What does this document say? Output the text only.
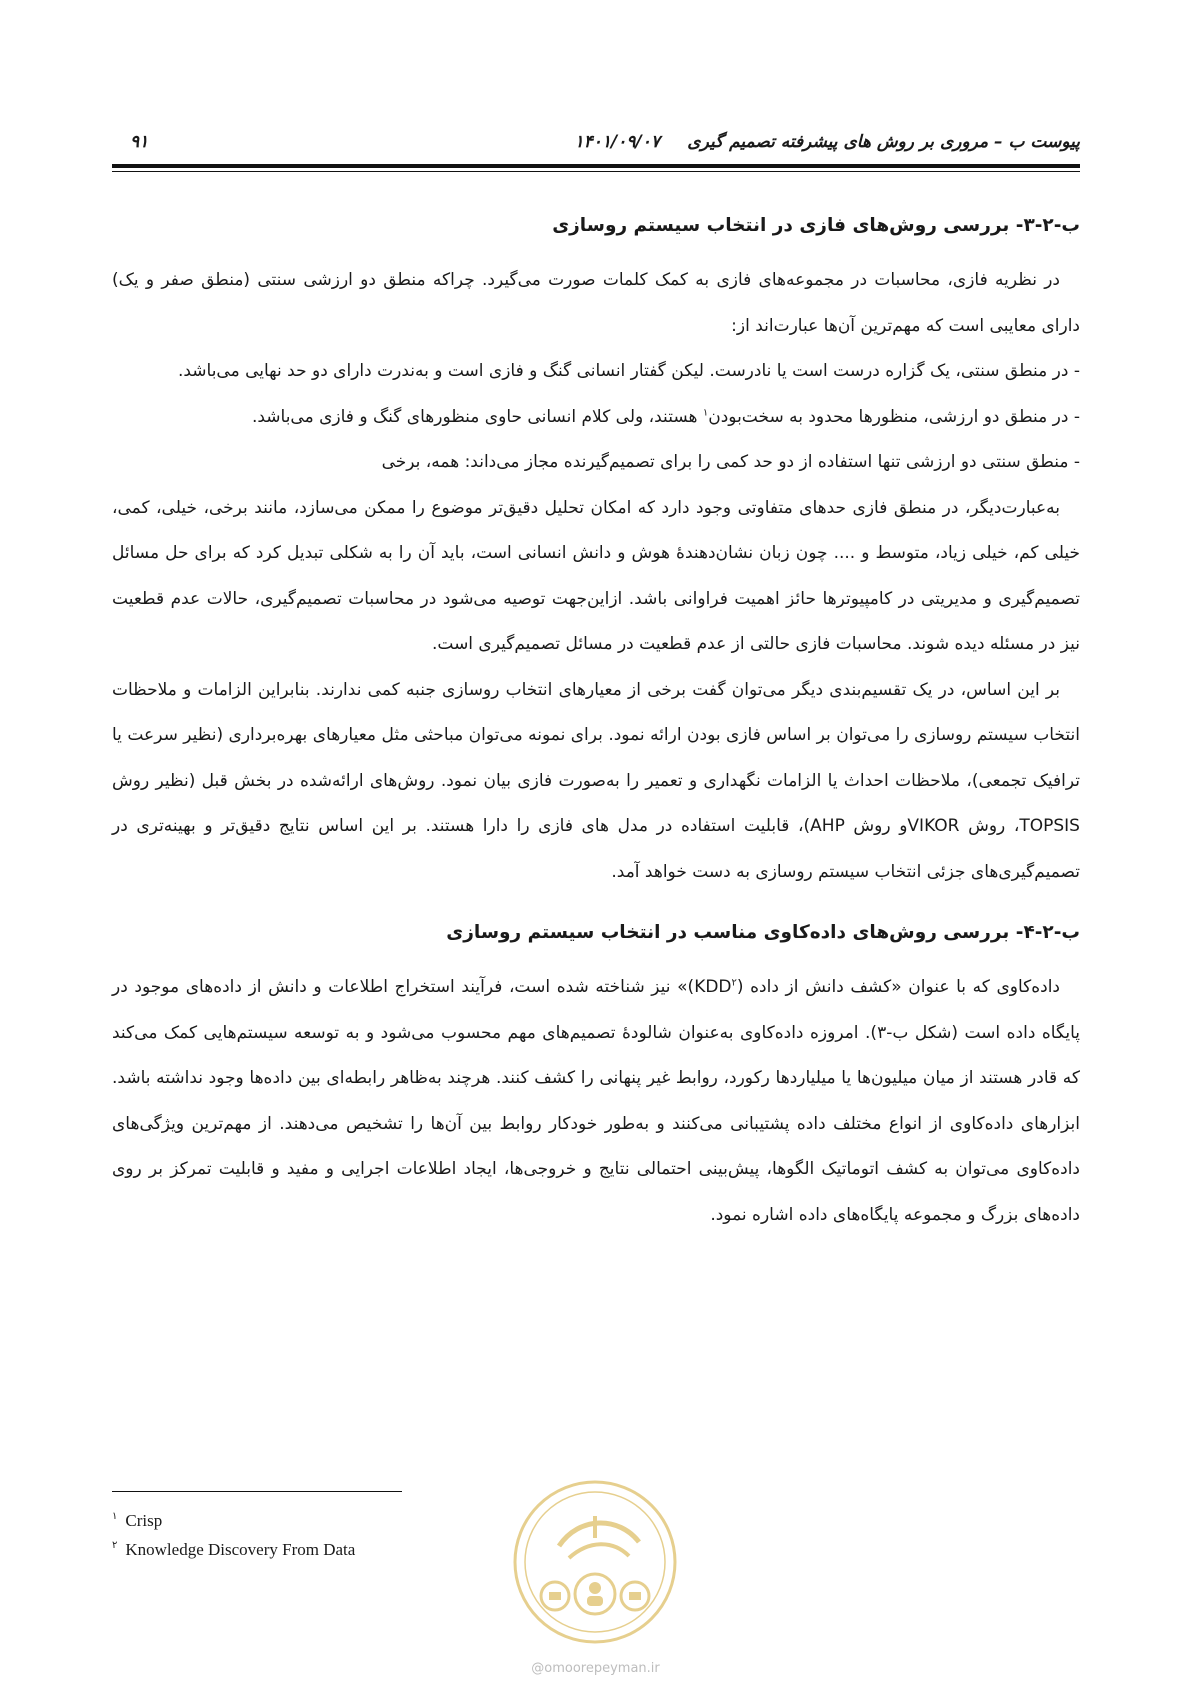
پیوست ب – مروری بر روش های پیشرفته تصمیم گیری
۱۴۰۱/۰۹/۰۷
۹۱
ب-۲-۳- بررسی روش‌های فازی در انتخاب سیستم روسازی

در نظریه فازی، محاسبات در مجموعه‌های فازی به کمک کلمات صورت می‌گیرد. چراکه منطق دو ارزشی سنتی (منطق صفر و یک) دارای معایبی است که مهم‌ترین آن‌ها عبارت‌اند از:

- در منطق سنتی، یک گزاره درست است یا نادرست. لیکن گفتار انسانی گنگ و فازی است و به‌ندرت دارای دو حد نهایی می‌باشد.

- در منطق دو ارزشی، منظورها محدود به سخت‌بودن$^۱$ هستند، ولی کلام انسانی حاوی منظورهای گنگ و فازی می‌باشد.

- منطق سنتی دو ارزشی تنها استفاده از دو حد کمی را برای تصمیم‌گیرنده مجاز می‌داند: همه، برخی

به‌عبارت‌دیگر، در منطق فازی حدهای متفاوتی وجود دارد که امکان تحلیل دقیق‌تر موضوع را ممکن می‌سازد، مانند برخی، خیلی، کمی، خیلی کم، خیلی زیاد، متوسط و .... چون زبان نشان‌دهندهٔ هوش و دانش انسانی است، باید آن را به شکلی تبدیل کرد که برای حل مسائل تصمیم‌گیری و مدیریتی در کامپیوترها حائز اهمیت فراوانی باشد. ازاین‌جهت توصیه می‌شود در محاسبات تصمیم‌گیری، حالات عدم قطعیت نیز در مسئله دیده شوند. محاسبات فازی حالتی از عدم قطعیت در مسائل تصمیم‌گیری است.

بر این اساس، در یک تقسیم‌بندی دیگر می‌توان گفت برخی از معیارهای انتخاب روسازی جنبه کمی ندارند. بنابراین الزامات و ملاحظات انتخاب سیستم روسازی را می‌توان بر اساس فازی بودن ارائه نمود. برای نمونه می‌توان مباحثی مثل معیارهای بهره‌برداری (نظیر سرعت یا ترافیک تجمعی)، ملاحظات احداث یا الزامات نگهداری و تعمیر را به‌صورت فازی بیان نمود. روش‌های ارائه‌شده در بخش قبل (نظیر روش TOPSIS، روش VIKORو روش AHP)، قابلیت استفاده در مدل های فازی را دارا هستند. بر این اساس نتایج دقیق‌تر و بهینه‌تری در تصمیم‌گیری‌های جزئی انتخاب سیستم روسازی به دست خواهد آمد.

ب-۲-۴- بررسی روش‌های داده‌کاوی مناسب در انتخاب سیستم روسازی

داده‌کاوی که با عنوان «کشف دانش از داده (KDD$^۲$)» نیز شناخته شده است، فرآیند استخراج اطلاعات و دانش از داده‌های موجود در پایگاه داده است (شکل ب-۳). امروزه داده‌کاوی به‌عنوان شالودهٔ تصمیم‌های مهم محسوب می‌شود و به توسعه سیستم‌هایی کمک می‌کند که قادر هستند از میان میلیون‌ها یا میلیاردها رکورد، روابط غیر پنهانی را کشف کنند. هرچند به‌ظاهر رابطه‌ای بین داده‌ها وجود نداشته باشد. ابزارهای داده‌کاوی از انواع مختلف داده پشتیبانی می‌کنند و به‌طور خودکار روابط بین آن‌ها را تشخیص می‌دهند. از مهم‌ترین ویژگی‌های داده‌کاوی می‌توان به کشف اتوماتیک الگوها، پیش‌بینی احتمالی نتایج و خروجی‌ها، ایجاد اطلاعات اجرایی و مفید و قابلیت تمرکز بر روی داده‌های بزرگ و مجموعه پایگاه‌های داده اشاره نمود.

$^۱$ Crisp
$^۲$ Knowledge Discovery From Data
@omoorepeyman.ir
